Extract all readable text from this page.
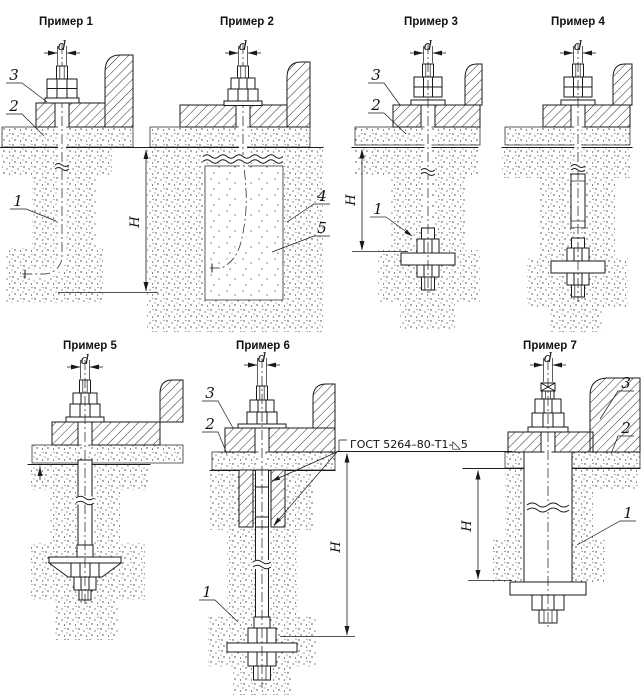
Пример 1
d
H
3
2
1
Пример 2
d
4
5
Пример 3
d
H
3
2
1
Пример 4
d
Пример 5
d
Пример 6
d
ГОСТ 5264–80-Т1-◺5
H
3
2
1
Пример 7
d
H
3
2
1
